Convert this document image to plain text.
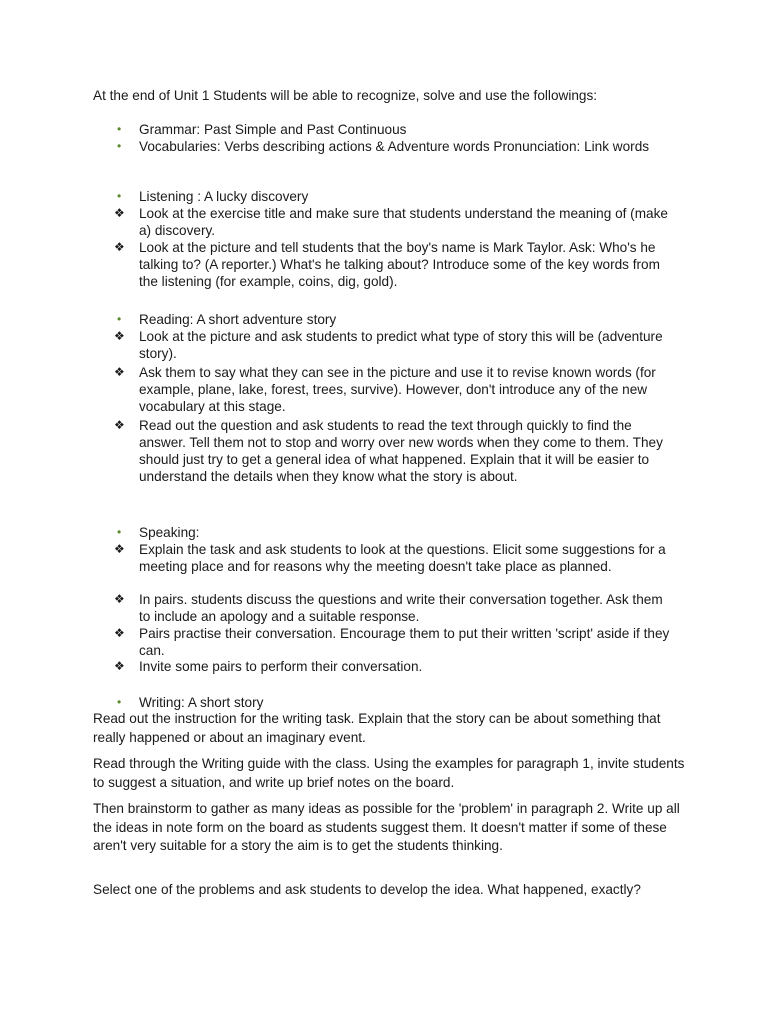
At the end of Unit 1 Students will be able to recognize, solve and use the followings:

•	Grammar: Past Simple and Past Continuous
•	Vocabularies: Verbs describing actions & Adventure words Pronunciation: Link words
•	Listening : A lucky discovery
❖	Look at the exercise title and make sure that students understand the meaning of (make a) discovery.
❖	Look at the picture and tell students that the boy's name is Mark Taylor. Ask: Who's he talking to? (A reporter.) What's he talking about? Introduce some of the key words from the listening (for example, coins, dig, gold).
•	Reading: A short adventure story
❖	Look at the picture and ask students to predict what type of story this will be (adventure story).
❖	Ask them to say what they can see in the picture and use it to revise known words (for example, plane, lake, forest, trees, survive). However, don't introduce any of the new vocabulary at this stage.
❖	Read out the question and ask students to read the text through quickly to find the answer. Tell them not to stop and worry over new words when they come to them. They should just try to get a general idea of what happened. Explain that it will be easier to understand the details when they know what the story is about.
•	Speaking:
❖	Explain the task and ask students to look at the questions. Elicit some suggestions for a meeting place and for reasons why the meeting doesn't take place as planned.
❖	In pairs. students discuss the questions and write their conversation together. Ask them to include an apology and a suitable response.
❖	Pairs practise their conversation. Encourage them to put their written 'script' aside if they can.
❖	Invite some pairs to perform their conversation.
•	Writing: A short story

Read out the instruction for the writing task. Explain that the story can be about something that really happened or about an imaginary event.

Read through the Writing guide with the class. Using the examples for paragraph 1, invite students to suggest a situation, and write up brief notes on the board.

Then brainstorm to gather as many ideas as possible for the 'problem' in paragraph 2. Write up all the ideas in note form on the board as students suggest them. It doesn't matter if some of these aren't very suitable for a story the aim is to get the students thinking.

Select one of the problems and ask students to develop the idea. What happened, exactly?
